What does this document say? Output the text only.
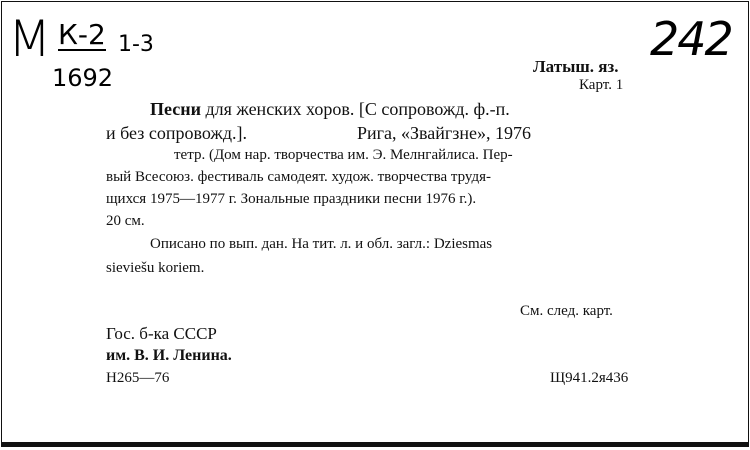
М К-2 1-3
1692
242
Латыш. яз.
Карт. 1
Песни для женских хоров. [С сопровожд. ф.-п.
и без сопровожд.].	Рига, «Звайгзне», 1976
тетр. (Дом нар. творчества им. Э. Мелнгайлиса. Пер-
вый Всесоюз. фестиваль самодеят. худож. творчества трудя-
щихся 1975—1977 г. Зональные праздники песни 1976 г.).
20 см.
Описано по вып. дан. На тит. л. и обл. загл.: Dziesmas
sieviešu koriem.
См. след. карт.
Гос. б-ка СССР
им. В. И. Ленина.
Н265—76	Щ941.2я436
